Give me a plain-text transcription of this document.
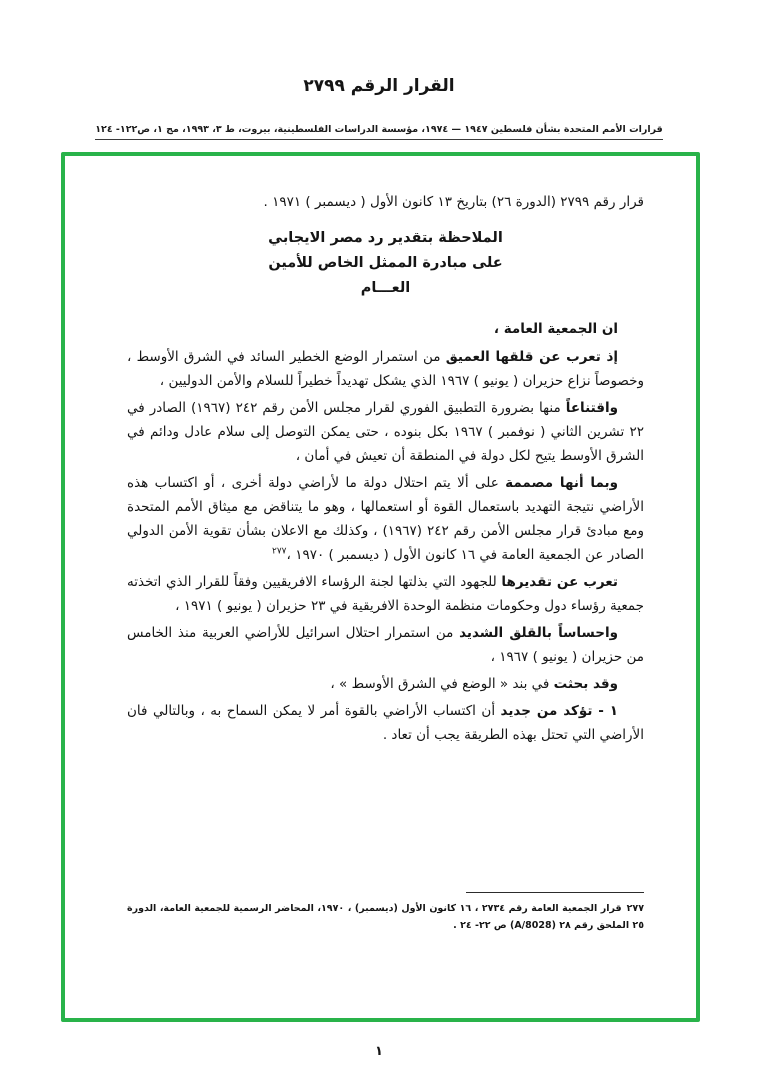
القرار الرقم ٢٧٩٩

قرارات الأمم المتحدة بشأن فلسطين ١٩٤٧ — ١٩٧٤، مؤسسة الدراسات الفلسطينية، بيروت، ط ٣، ١٩٩٣، مج ١، ص١٢٢- ١٢٤

قرار رقم ٢٧٩٩ (الدورة ٢٦) بتاريخ ١٣ كانون الأول ( ديسمبر ) ١٩٧١ .

الملاحظة بتقدير رد مصر الايجابي
على مبادرة الممثل الخاص للأمين
العـــام

ان الجمعية العامة ،

إذ تعرب عن قلقها العميق من استمرار الوضع الخطير السائد في الشرق الأوسط ، وخصوصاً نزاع حزيران ( يونيو ) ١٩٦٧ الذي يشكل تهديداً خطيراً للسلام والأمن الدوليين ،

واقتناعاً منها بضرورة التطبيق الفوري لقرار مجلس الأمن رقم ٢٤٢ (١٩٦٧) الصادر في ٢٢ تشرين الثاني ( نوفمبر ) ١٩٦٧ بكل بنوده ، حتى يمكن التوصل إلى سلام عادل ودائم في الشرق الأوسط يتيح لكل دولة في المنطقة أن تعيش في أمان ،

وبما أنها مصممة على ألا يتم احتلال دولة ما لأراضي دولة أخرى ، أو اكتساب هذه الأراضي نتيجة التهديد باستعمال القوة أو استعمالها ، وهو ما يتناقض مع ميثاق الأمم المتحدة ومع مبادئ قرار مجلس الأمن رقم ٢٤٢ (١٩٦٧) ، وكذلك مع الاعلان بشأن تقوية الأمن الدولي الصادر عن الجمعية العامة في ١٦ كانون الأول ( ديسمبر ) ١٩٧٠ ،$^{٢٧٧}$

تعرب عن تقديرها للجهود التي بذلتها لجنة الرؤساء الافريقيين وفقاً للقرار الذي اتخذته جمعية رؤساء دول وحكومات منظمة الوحدة الافريقية في ٢٣ حزيران ( يونيو ) ١٩٧١ ،

واحساساً بالقلق الشديد من استمرار احتلال اسرائيل للأراضي العربية منذ الخامس من حزيران ( يونيو ) ١٩٦٧ ،

وقد بحثت في بند « الوضع في الشرق الأوسط » ،

١ - تؤكد من جديد أن اكتساب الأراضي بالقوة أمر لا يمكن السماح به ، وبالتالي فان الأراضي التي تحتل بهذه الطريقة يجب أن تعاد .

٢٧٧قرار الجمعية العامة رقم ٢٧٣٤ ، ١٦ كانون الأول (ديسمبر) ، ١٩٧٠، المحاضر الرسمية للجمعية العامة، الدورة ٢٥ الملحق رقم ٢٨ (A/8028) ص ٢٢- ٢٤ .

١
